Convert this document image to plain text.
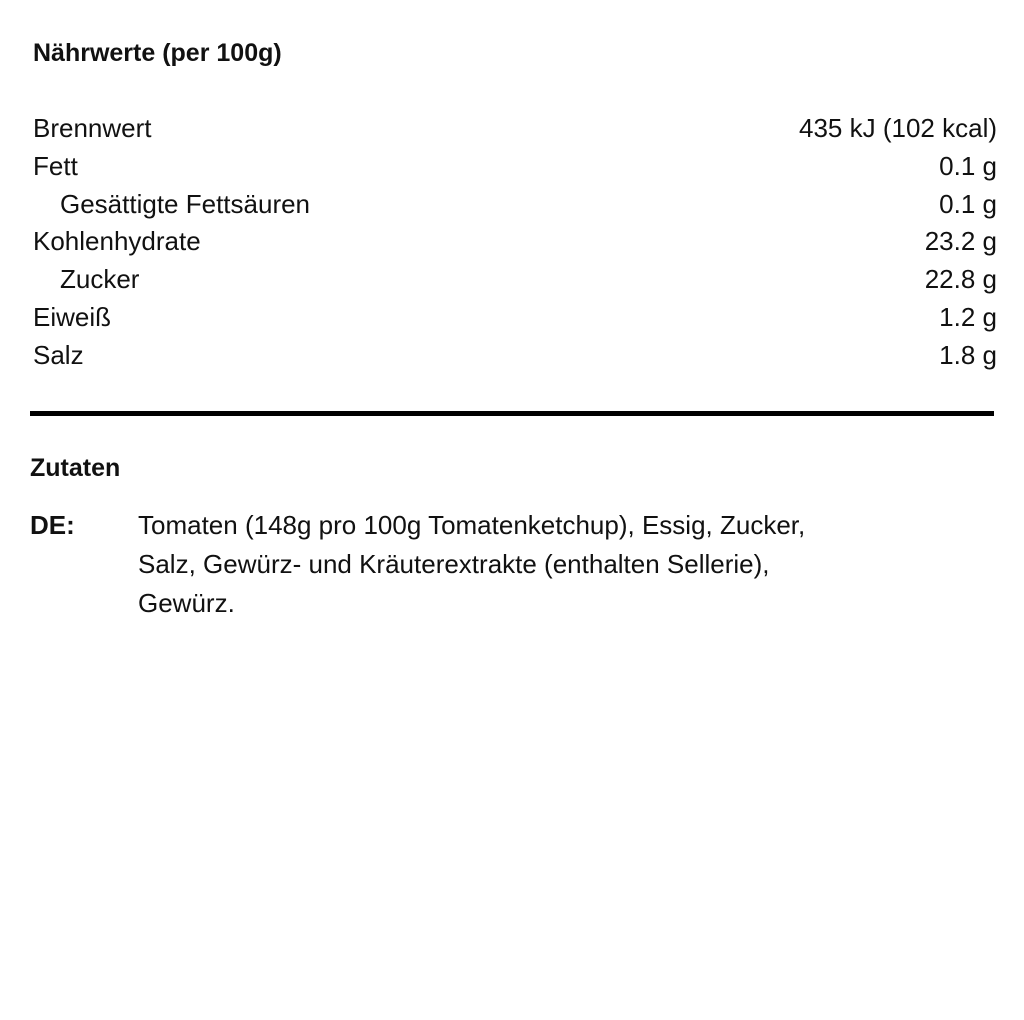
Nährwerte (per 100g)
Brennwert	435 kJ (102 kcal)
Fett	0.1 g
Gesättigte Fettsäuren	0.1 g
Kohlenhydrate	23.2 g
Zucker	22.8 g
Eiweiß	1.2 g
Salz	1.8 g
Zutaten
DE:	Tomaten (148g pro 100g Tomatenketchup), Essig, Zucker,
Salz, Gewürz- und Kräuterextrakte (enthalten Sellerie),
Gewürz.
